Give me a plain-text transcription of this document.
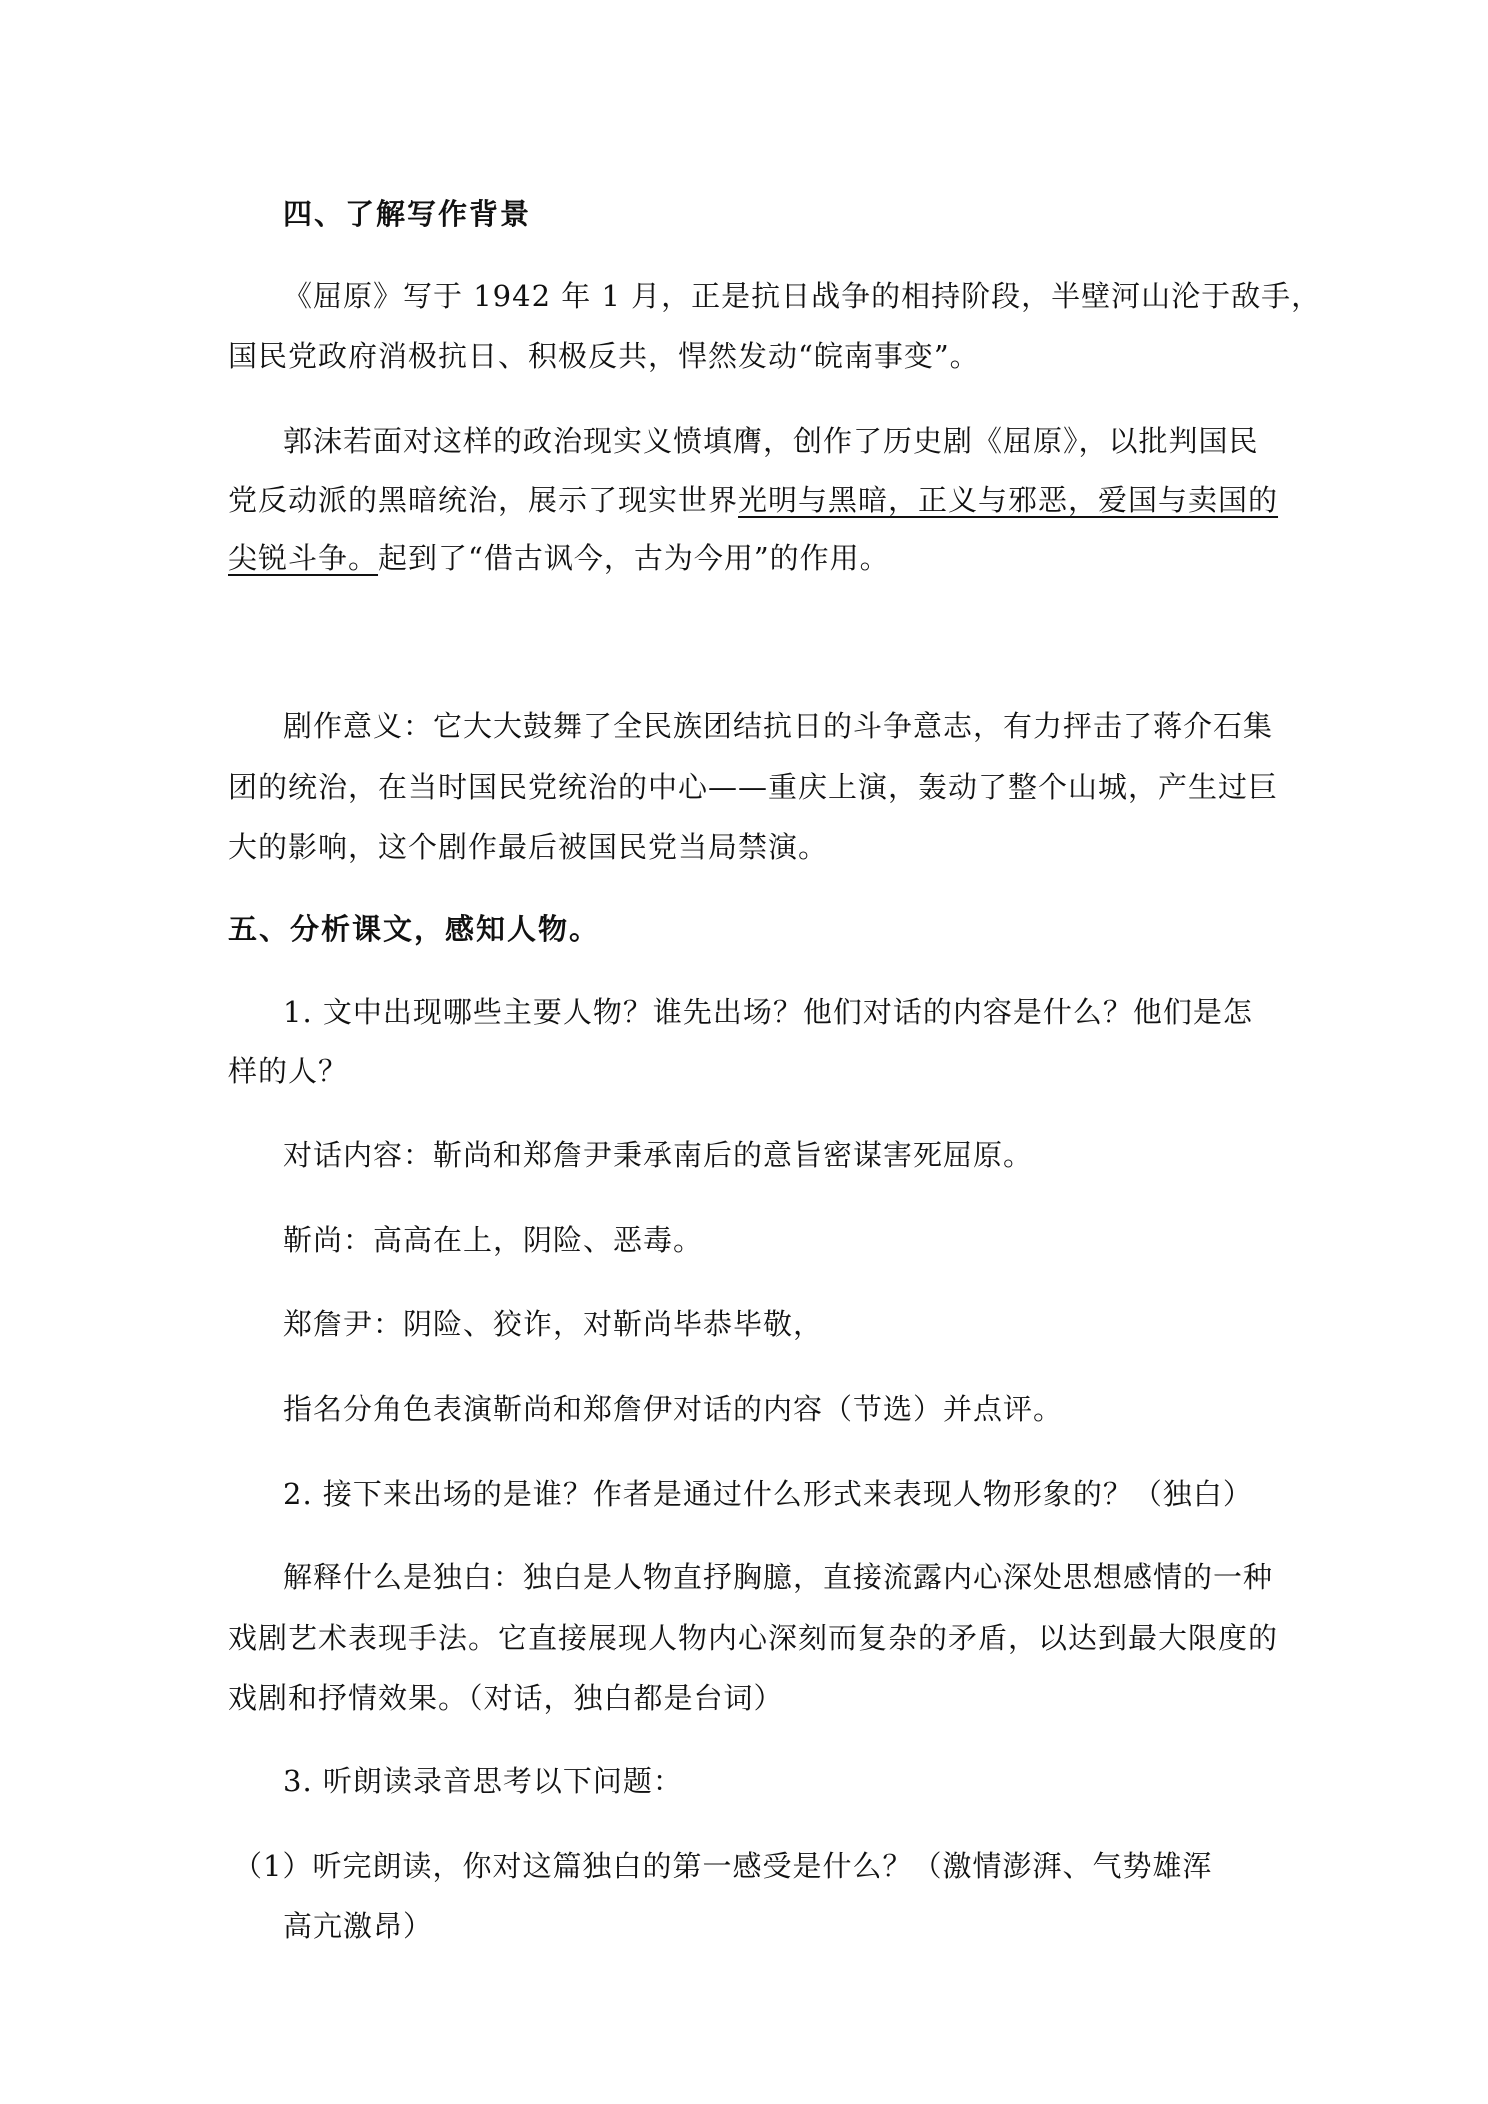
四、了解写作背景
《屈原》写于 1942 年 1 月，正是抗日战争的相持阶段，半壁河山沦于敌手，
国民党政府消极抗日、积极反共，悍然发动“皖南事变”。
郭沫若面对这样的政治现实义愤填膺，创作了历史剧《屈原》，以批判国民
党反动派的黑暗统治，展示了现实世界光明与黑暗，正义与邪恶，爱国与卖国的
尖锐斗争。起到了“借古讽今，古为今用”的作用。
剧作意义：它大大鼓舞了全民族团结抗日的斗争意志，有力抨击了蒋介石集
团的统治，在当时国民党统治的中心——重庆上演，轰动了整个山城，产生过巨
大的影响，这个剧作最后被国民党当局禁演。
五、分析课文，感知人物。
1. 文中出现哪些主要人物？谁先出场？他们对话的内容是什么？他们是怎
样的人？
对话内容：靳尚和郑詹尹秉承南后的意旨密谋害死屈原。
靳尚：高高在上，阴险、恶毒。
郑詹尹：阴险、狡诈，对靳尚毕恭毕敬，
指名分角色表演靳尚和郑詹伊对话的内容（节选）并点评。
2. 接下来出场的是谁？作者是通过什么形式来表现人物形象的？（独白）
解释什么是独白：独白是人物直抒胸臆，直接流露内心深处思想感情的一种
戏剧艺术表现手法。它直接展现人物内心深刻而复杂的矛盾，以达到最大限度的
戏剧和抒情效果。（对话，独白都是台词）
3. 听朗读录音思考以下问题：
（1）听完朗读，你对这篇独白的第一感受是什么？（激情澎湃、气势雄浑
高亢激昂）
